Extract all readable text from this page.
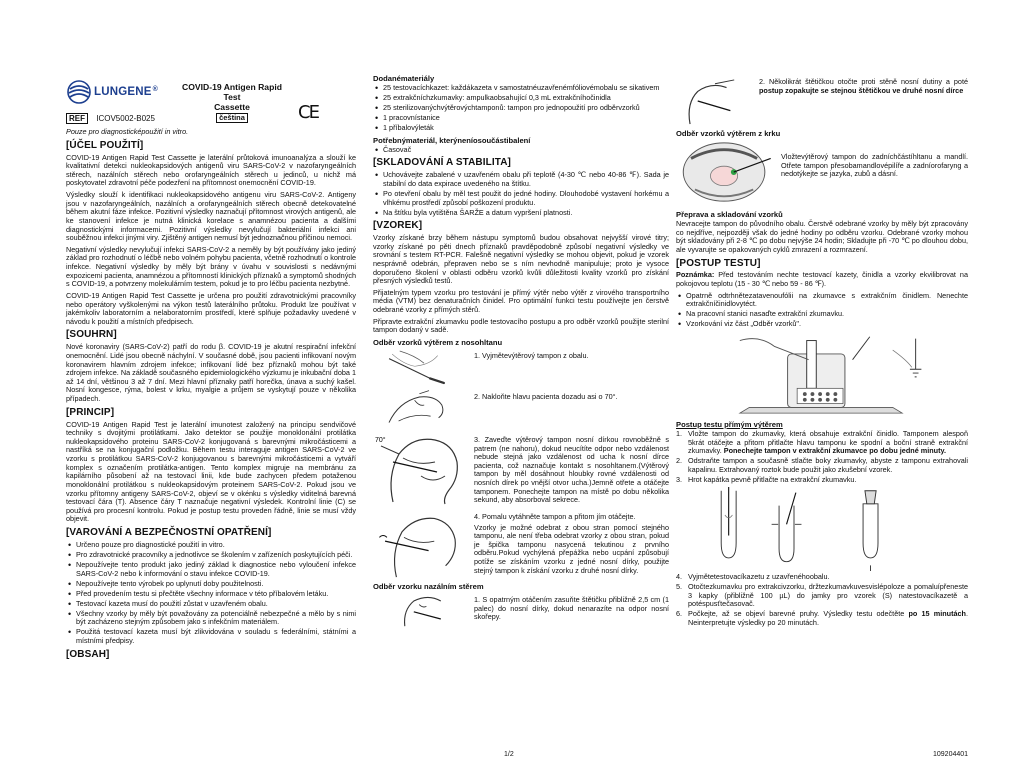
LUNGENE®	COVID-19 Antigen Rapid Test
Cassette
čeština	CE
REF ICOV5002-B025

Pouze pro diagnosticképoužití in vitro.

[ÚČEL POUŽITÍ]

COVID-19 Antigen Rapid Test Cassette je laterální průtoková imunoanalýza a slouží ke kvalitativní detekci nukleokapsidových antigenů viru SARS-CoV-2 v nazofaryngeálních stěrech, nazálních stěrech nebo orofaryngeálních stěrech u jedinců, u nichž má poskytovatel zdravotní péče podezření na přítomnost onemocnění COVID-19.

Výsledky slouží k identifikaci nukleokapsidového antigenu viru SARS-CoV-2. Antigeny jsou v nazofaryngeálních, nazálních a orofaryngeálních stěrech obecně detekovatelné během akutní fáze infekce. Pozitivní výsledky naznačují přítomnost virových antigenů, ale ke stanovení infekce je nutná klinická korelace s anamnézou pacienta a dalšími diagnostickými informacemi. Pozitivní výsledky nevylučují bakteriální infekci ani souběžnou infekci jinými viry. Zjištěný antigen nemusí být jednoznačnou příčinou nemoci.

Negativní výsledky nevylučují infekci SARS-CoV-2 a neměly by být používány jako jediný základ pro rozhodnutí o léčbě nebo volném pohybu pacienta, včetně rozhodnutí o kontrole infekce. Negativní výsledky by měly být brány v úvahu v souvislosti s nedávnými expozicemi pacienta, anamnézou a přítomností klinických příznaků a symptomů shodných s COVID-19, a potvrzeny molekulárním testem, pokud je to pro léčbu pacienta nezbytné.

COVID-19 Antigen Rapid Test Cassette je určena pro použití zdravotnickými pracovníky nebo operátory vyškolenými na výkon testů laterálního průtoku. Produkt lze používat v jakémkoliv laboratorním a nelaboratorním prostředí, které splňuje požadavky uvedené v návodu k použití a místních předpisech.

[SOUHRN]

Nové koronaviry (SARS-CoV-2) patří do rodu β. COVID-19 je akutní respirační infekční onemocnění. Lidé jsou obecně náchylní. V současné době, jsou pacienti infikovaní novým koronavirem hlavním zdrojem infekce; infikovaní lidé bez příznaků mohou být také zdrojem infekce. Na základě současného epidemiologického výzkumu je inkubační doba 1 až 14 dní, většinou 3 až 7 dní. Mezi hlavní příznaky patří horečka, únava a suchý kašel. Nosní kongesce, rýma, bolest v krku, myalgie a průjem se vyskytují pouze v několika případech.

[PRINCIP]

COVID-19 Antigen Rapid Test je laterální imunotest založený na principu sendvičové techniky s dvojitými protilátkami. Jako detektor se použije monoklonální protilátka nukleokapsidového proteinu SARS-CoV-2 konjugovaná s barevnými mikročásticemi a nastříká se na konjugační podložku. Během testu interaguje antigen SARS-CoV-2 ve vzorku s protilátkou SARS-CoV-2 konjugovanou s barevnými mikročásticemi a vytváří komplex s označením protilátka-antigen. Tento komplex migruje na membránu za kapilárního působení až na testovací linii, kde bude zachycen předem potaženou monoklonální protilátkou s nukleokapsidovým proteinem SARS-CoV-2. Pokud jsou ve vzorku přítomny antigeny SARS-CoV-2, objeví se v okénku s výsledky viditelná barevná testovací čára (T). Absence čáry T naznačuje negativní výsledek. Kontrolní linie (C) se používá pro procesní kontrolu. Pokud je postup testu proveden řádně, linie se musí vždy objevit.

[VAROVÁNÍ A BEZPEČNOSTNÍ OPATŘENÍ]
• Určeno pouze pro diagnostické použití in vitro.
• Pro zdravotnické pracovníky a jednotlivce se školením v zařízeních poskytujících péči.
• Nepoužívejte tento produkt jako jediný základ k diagnostice nebo vyloučení infekce SARS-CoV-2 nebo k informování o stavu infekce COVID-19.
• Nepoužívejte tento výrobek po uplynutí doby použitelnosti.
• Před provedením testu si přečtěte všechny informace v této příbalovém letáku.
• Testovací kazeta musí do použití zůstat v uzavřeném obalu.
• Všechny vzorky by měly být považovány za potenciálně nebezpečné a mělo by s nimi být zacházeno stejným způsobem jako s infekčním materiálem.
• Použitá testovací kazeta musí být zlikvidována v souladu s federálními, státními a místními předpisy.
[OBSAH]
Dodanémateriály
• 25 testovacíchkazet: každákazeta v samostatnéuzavřenémfóliovémobalu se sikativem
• 25 extrakčníchzkumavky: ampulkaobsahující 0,3 mL extrakčníhočinidla
• 25 sterilizovanýchvýtěrovýchtamponů: tampon pro jednopoužití pro odběrvzorků
• 1 pracovnístanice
• 1 příbalovýleták
Potřebnýmateriál, kterýneníosoučástibalení
• Časovač
[SKLADOVÁNÍ A STABILITA]
• Uchovávejte zabalené v uzavřeném obalu při teplotě (4-30 ℃ nebo 40-86 ℉). Sada je stabilní do data expirace uvedeného na štítku.
• Po otevření obalu by měl test použit do jedné hodiny. Dlouhodobé vystavení horkému a vlhkému prostředí způsobí poškození produktu.
• Na štítku byla vytištěna ŠARŽE a datum vypršení platnosti.
[VZOREK]

Vzorky získané brzy během nástupu symptomů budou obsahovat nejvyšší virové titry; vzorky získané po pěti dnech příznaků pravděpodobně způsobí negativní výsledky ve srovnání s testem RT-PCR. Falešně negativní výsledky se mohou objevit, pokud je vzorek nesprávně odebrán, přepraven nebo se s ním nevhodně manipuluje; proto je vysoce doporučeno školení v oblasti odběru vzorků kvůli důležitosti kvality vzorků pro získání přesných výsledků testů.

Přijatelným typem vzorku pro testování je přímý výtěr nebo výtěr z virového transportního média (VTM) bez denaturačních činidel. Pro optimální funkci testu používejte jen čerstvě odebrané vzorky z přímých stěrů.

Připravte extrakční zkumavku podle testovacího postupu a pro odběr vzorků použijte sterilní tampon dodaný v sadě.

Odběr vzorků výtěrem z nosohltanu
1. Vyjmětevýtěrový tampon z obalu.
2. Nakloňte hlavu pacienta dozadu asi o 70°.
70°	3. Zaveďte výtěrový tampon nosní dírkou rovnoběžně s patrem (ne nahoru), dokud neucítíte odpor nebo vzdálenost nebude stejná jako vzdálenost od ucha k nosní dírce pacienta, což naznačuje kontakt s nosohltanem.(Výtěrový tampon by měl dosáhnout hloubky rovné vzdálenosti od nosních dírek po vnější otvor ucha.)Jemně otřete a otáčejte tamponem. Ponechejte tampon na místě po dobu několika sekund, aby absorboval sekrece.
4. Pomalu vytáhněte tampon a přitom jím otáčejte.
Vzorky je možné odebrat z obou stran pomocí stejného tamponu, ale není třeba odebrat vzorky z obou stran, pokud je špička tamponu nasycená tekutinou z prvního odběru.Pokud vychýlená přepážka nebo ucpání způsobují potíže se získáním vzorku z jedné nosní dírky, použijte stejný tampon k získání vzorku z druhé nosní dírky.
Odběr vzorku nazálním stěrem
1. S opatrným otáčením zasuňte štětičku přibližně 2,5 cm (1 palec) do nosní dírky, dokud nenarazíte na odpor nosní skořepy.
2. Několikrát štětičkou otočte proti stěně nosní dutiny a poté postup zopakujte se stejnou štětičkou ve druhé nosní dírce
Odběr vzorků výtěrem z krku
Vložtevýtěrový tampon do zadníchčástíhltanu a mandlí. Otřete tampon přesobamandlovépilíře a zadníorofaryng a nedotýkejte se jazyka, zubů a dásní.
Přeprava a skladování vzorků

Nevracejte tampon do původního obalu. Čerstvě odebrané vzorky by měly být zpracovány co nejdříve, nejpozději však do jedné hodiny po odběru vzorku. Odebrané vzorky mohou být skladovány při 2-8 ℃ po dobu nejvýše 24 hodin; Skladujte při -70 ℃ po dlouhou dobu, ale vyvarujte se opakovaných cyklů zmrazení a rozmrazení.

[POSTUP TESTU]

Poznámka: Před testováním nechte testovací kazety, činidla a vzorky ekvilibrovat na pokojovou teplotu (15 - 30 ℃ nebo 59 - 86 ℉).

• Opatrně odtrhnětezatavenoufólii na zkumavce s extrakčním činidlem. Nenechte extrakčníčinidlovytéct.
• Na pracovní stanici nasaďte extrakční zkumavku.
• Vzorkování viz část „Odběr vzorků".
Postup testu přímým výtěrem
1. Vložte tampon do zkumavky, která obsahuje extrakční činidlo. Tamponem alespoň 5krát otáčejte a přitom přitlačte hlavu tamponu ke spodní a boční straně extrakční zkumavky. Ponechejte tampon v extrakční zkumavce po dobu jedné minuty.
2. Odstraňte tampon a současně stlačte boky zkumavky, abyste z tamponu extrahovali kapalinu. Extrahovaný roztok bude použit jako zkušební vzorek.
3. Hrot kapátka pevně přitlačte na extrakční zkumavku.
4. Vyjmětetestovacíkazetu z uzavřenéhoobalu.
5. Otočtezkumavku pro extrakcivzorku, držtezkumavkuvesvislépoloze a pomaluípřeneste 3 kapky (přibližně 100 µL) do jamky pro vzorek (S) natestovacíkazetě a potéspusťtečasovač.
6. Počkejte, až se objeví barevné pruhy. Výsledky testu odečtěte po 15 minutách. Neinterpretujte výsledky po 20 minutách.
1/2	109204401
